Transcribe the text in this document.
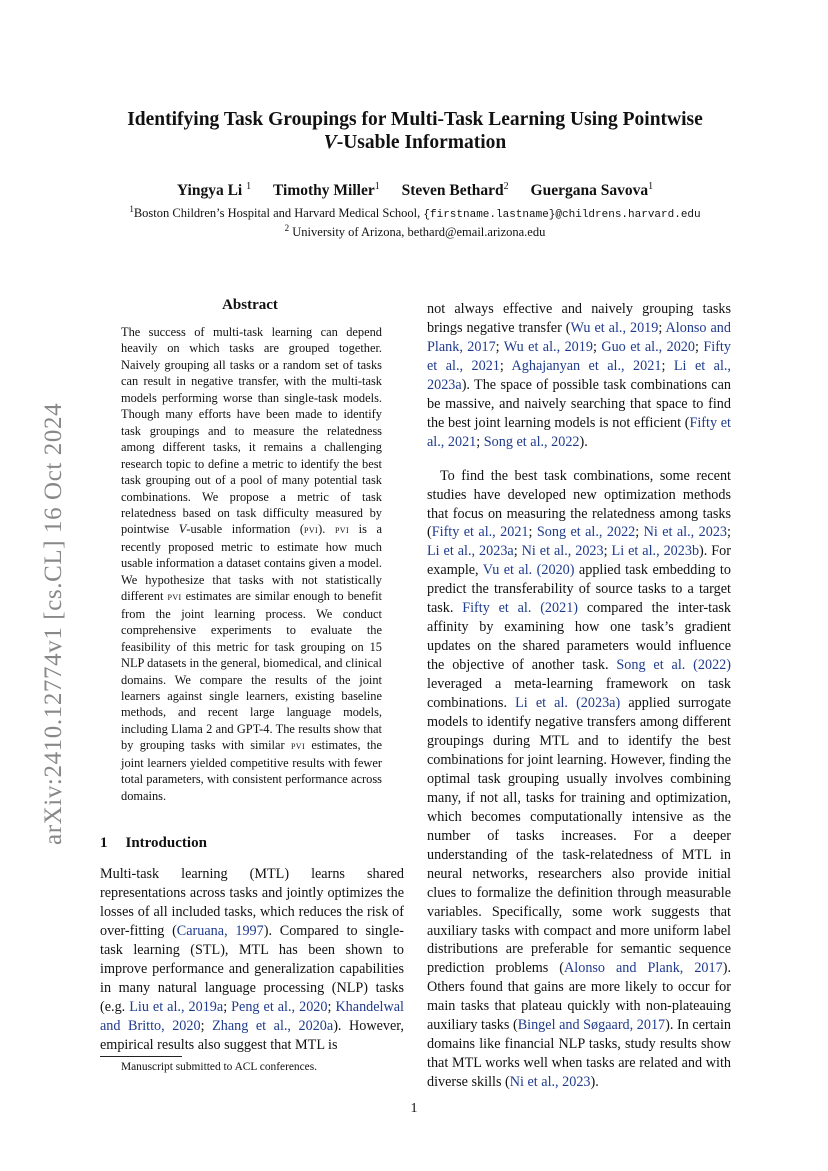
Identifying Task Groupings for Multi-Task Learning Using Pointwise
V-Usable Information
Yingya Li $^1$ Timothy Miller$^1$ Steven Bethard$^2$ Guergana Savova$^1$
$^1$Boston Children’s Hospital and Harvard Medical School, {firstname.lastname}@childrens.harvard.edu
$^2$ University of Arizona, bethard@email.arizona.edu
arXiv:2410.12774v1 [cs.CL] 16 Oct 2024
Abstract
The success of multi-task learning can depend heavily on which tasks are grouped together. Naively grouping all tasks or a random set of tasks can result in negative transfer, with the multi-task models performing worse than single-task models. Though many efforts have been made to identify task groupings and to measure the relatedness among different tasks, it remains a challenging research topic to define a metric to identify the best task grouping out of a pool of many potential task combinations. We propose a metric of task relatedness based on task difficulty measured by pointwise V-usable information (pvi). pvi is a recently proposed metric to estimate how much usable information a dataset contains given a model. We hypothesize that tasks with not statistically different pvi estimates are similar enough to benefit from the joint learning process. We conduct comprehensive experiments to evaluate the feasibility of this metric for task grouping on 15 NLP datasets in the general, biomedical, and clinical domains. We compare the results of the joint learners against single learners, existing baseline methods, and recent large language models, including Llama 2 and GPT-4. The results show that by grouping tasks with similar pvi estimates, the joint learners yielded competitive results with fewer total parameters, with consistent performance across domains.
1 Introduction
Multi-task learning (MTL) learns shared representations across tasks and jointly optimizes the losses of all included tasks, which reduces the risk of over-fitting (Caruana, 1997). Compared to single-task learning (STL), MTL has been shown to improve performance and generalization capabilities in many natural language processing (NLP) tasks (e.g. Liu et al., 2019a; Peng et al., 2020; Khandelwal and Britto, 2020; Zhang et al., 2020a). However, empirical results also suggest that MTL is

not always effective and naively grouping tasks brings negative transfer (Wu et al., 2019; Alonso and Plank, 2017; Wu et al., 2019; Guo et al., 2020; Fifty et al., 2021; Aghajanyan et al., 2021; Li et al., 2023a). The space of possible task combinations can be massive, and naively searching that space to find the best joint learning models is not efficient (Fifty et al., 2021; Song et al., 2022).

To find the best task combinations, some recent studies have developed new optimization methods that focus on measuring the relatedness among tasks (Fifty et al., 2021; Song et al., 2022; Ni et al., 2023; Li et al., 2023a; Ni et al., 2023; Li et al., 2023b). For example, Vu et al. (2020) applied task embedding to predict the transferability of source tasks to a target task. Fifty et al. (2021) compared the inter-task affinity by examining how one task’s gradient updates on the shared parameters would influence the objective of another task. Song et al. (2022) leveraged a meta-learning framework on task combinations. Li et al. (2023a) applied surrogate models to identify negative transfers among different groupings during MTL and to identify the best combinations for joint learning. However, finding the optimal task grouping usually involves combining many, if not all, tasks for training and optimization, which becomes computationally intensive as the number of tasks increases. For a deeper understanding of the task-relatedness of MTL in neural networks, researchers also provide initial clues to formalize the definition through measurable variables. Specifically, some work suggests that auxiliary tasks with compact and more uniform label distributions are preferable for semantic sequence prediction problems (Alonso and Plank, 2017). Others found that gains are more likely to occur for main tasks that plateau quickly with non-plateauing auxiliary tasks (Bingel and Søgaard, 2017). In certain domains like financial NLP tasks, study results show that MTL works well when tasks are related and with diverse skills (Ni et al., 2023).

Manuscript submitted to ACL conferences.
1
